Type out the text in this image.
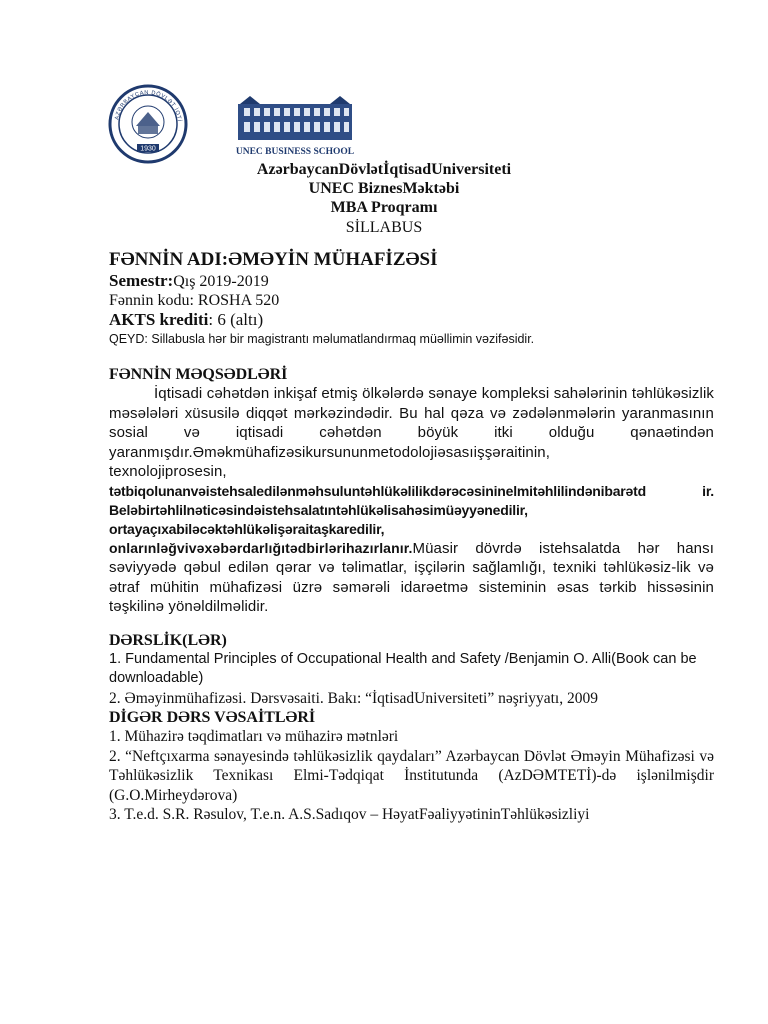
1930
AZƏRBAYCAN DÖVLƏT İQTİ
UNEC BUSINESS SCHOOL
AzərbaycanDövlətİqtisadUniversiteti
UNEC BiznesMəktəbi
MBA Proqramı
SİLLABUS
FƏNNİN ADI:ƏMƏYİN MÜHAFİZƏSİ
Semestr:Qış 2019-2019
Fənnin kodu: ROSHA 520
AKTS krediti: 6 (altı)
QEYD: Sillabusla hər bir magistrantı məlumatlandırmaq müəllimin vəzifəsidir.
FƏNNİN MƏQSƏDLƏRİ
İqtisadi cəhətdən inkişaf etmiş ölkələrdə sənaye kompleksi sahələrinin təhlükəsizlik məsələləri xüsusilə diqqət mərkəzindədir. Bu hal qəza və zədələnmələrin yaranmasının sosial və iqtisadi cəhətdən böyük itki olduğu qənaətindən yaranmışdır.Əməkmühafizəsikursununmetodolojiəsasıişşəraitinin,
texnolojiprosesin,
tətbiqolunanvəistehsaledilənməhsuluntəhlükəlilikdərəcəsininelmitəhlilindənibarətd ir. Beləbirtəhlilnəticəsindəistehsalatıntəhlükəlisahəsimüəyyənedilir, ortayaçıxabiləcəktəhlükəlişəraitaşkaredilir,
onlarınləğvivəxəbərdarlığıtədbirlərihazırlanır.Müasir dövrdə istehsalatda hər hansı səviyyədə qəbul edilən qərar və təlimatlar, işçilərin sağlamlığı, texniki təhlükəsiz-lik və ətraf mühitin mühafizəsi üzrə səmərəli idarəetmə sisteminin əsas tərkib hissəsinin təşkilinə yönəldilməlidir.
DƏRSLİK(LƏR)
1. Fundamental Principles of Occupational Health and Safety /Benjamin O. Alli(Book can be downloadable)
2. Əməyinmühafizəsi. Dərsvəsaiti. Bakı: “İqtisadUniversiteti” nəşriyyatı, 2009
DİGƏR DƏRS VƏSAİTLƏRİ
1. Mühazirə təqdimatları və mühazirə mətnləri
2. “Neftçıxarma sənayesində təhlükəsizlik qaydaları” Azərbaycan Dövlət Əməyin Mühafizəsi və Təhlükəsizlik Texnikası Elmi-Tədqiqat İnstitutunda (AzDƏMTETİ)-də işlənilmişdir (G.O.Mirheydərova)
3. T.e.d. S.R. Rəsulov, T.e.n. A.S.Sadıqov – HəyatFəaliyyətininTəhlükəsizliyi
